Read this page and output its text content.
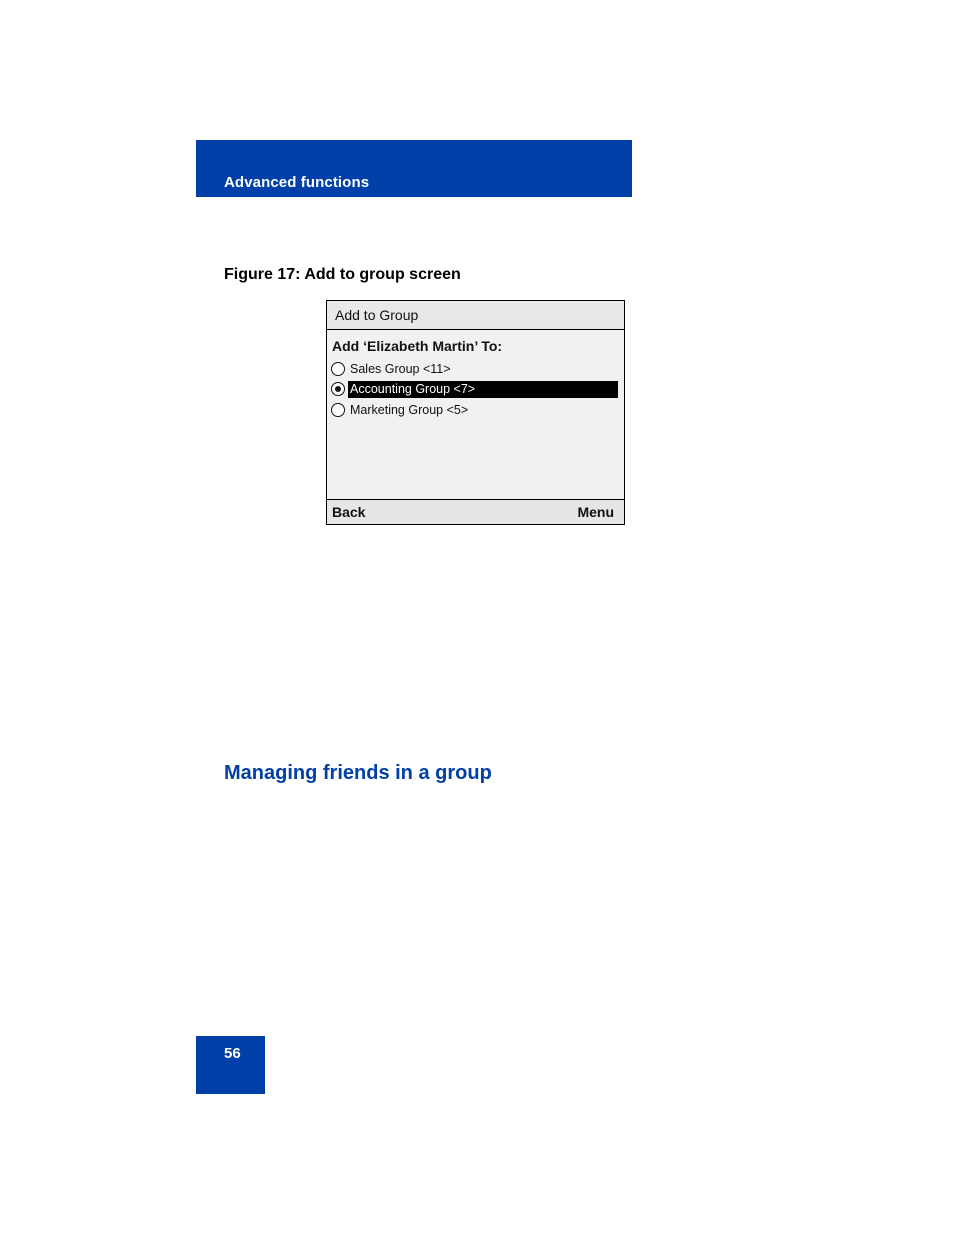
Advanced functions
Figure 17: Add to group screen
Add to Group
Add ‘Elizabeth Martin’ To:
Sales Group <11>
Accounting Group <7>
Marketing Group <5>
Back	Menu
Managing friends in a group
56
